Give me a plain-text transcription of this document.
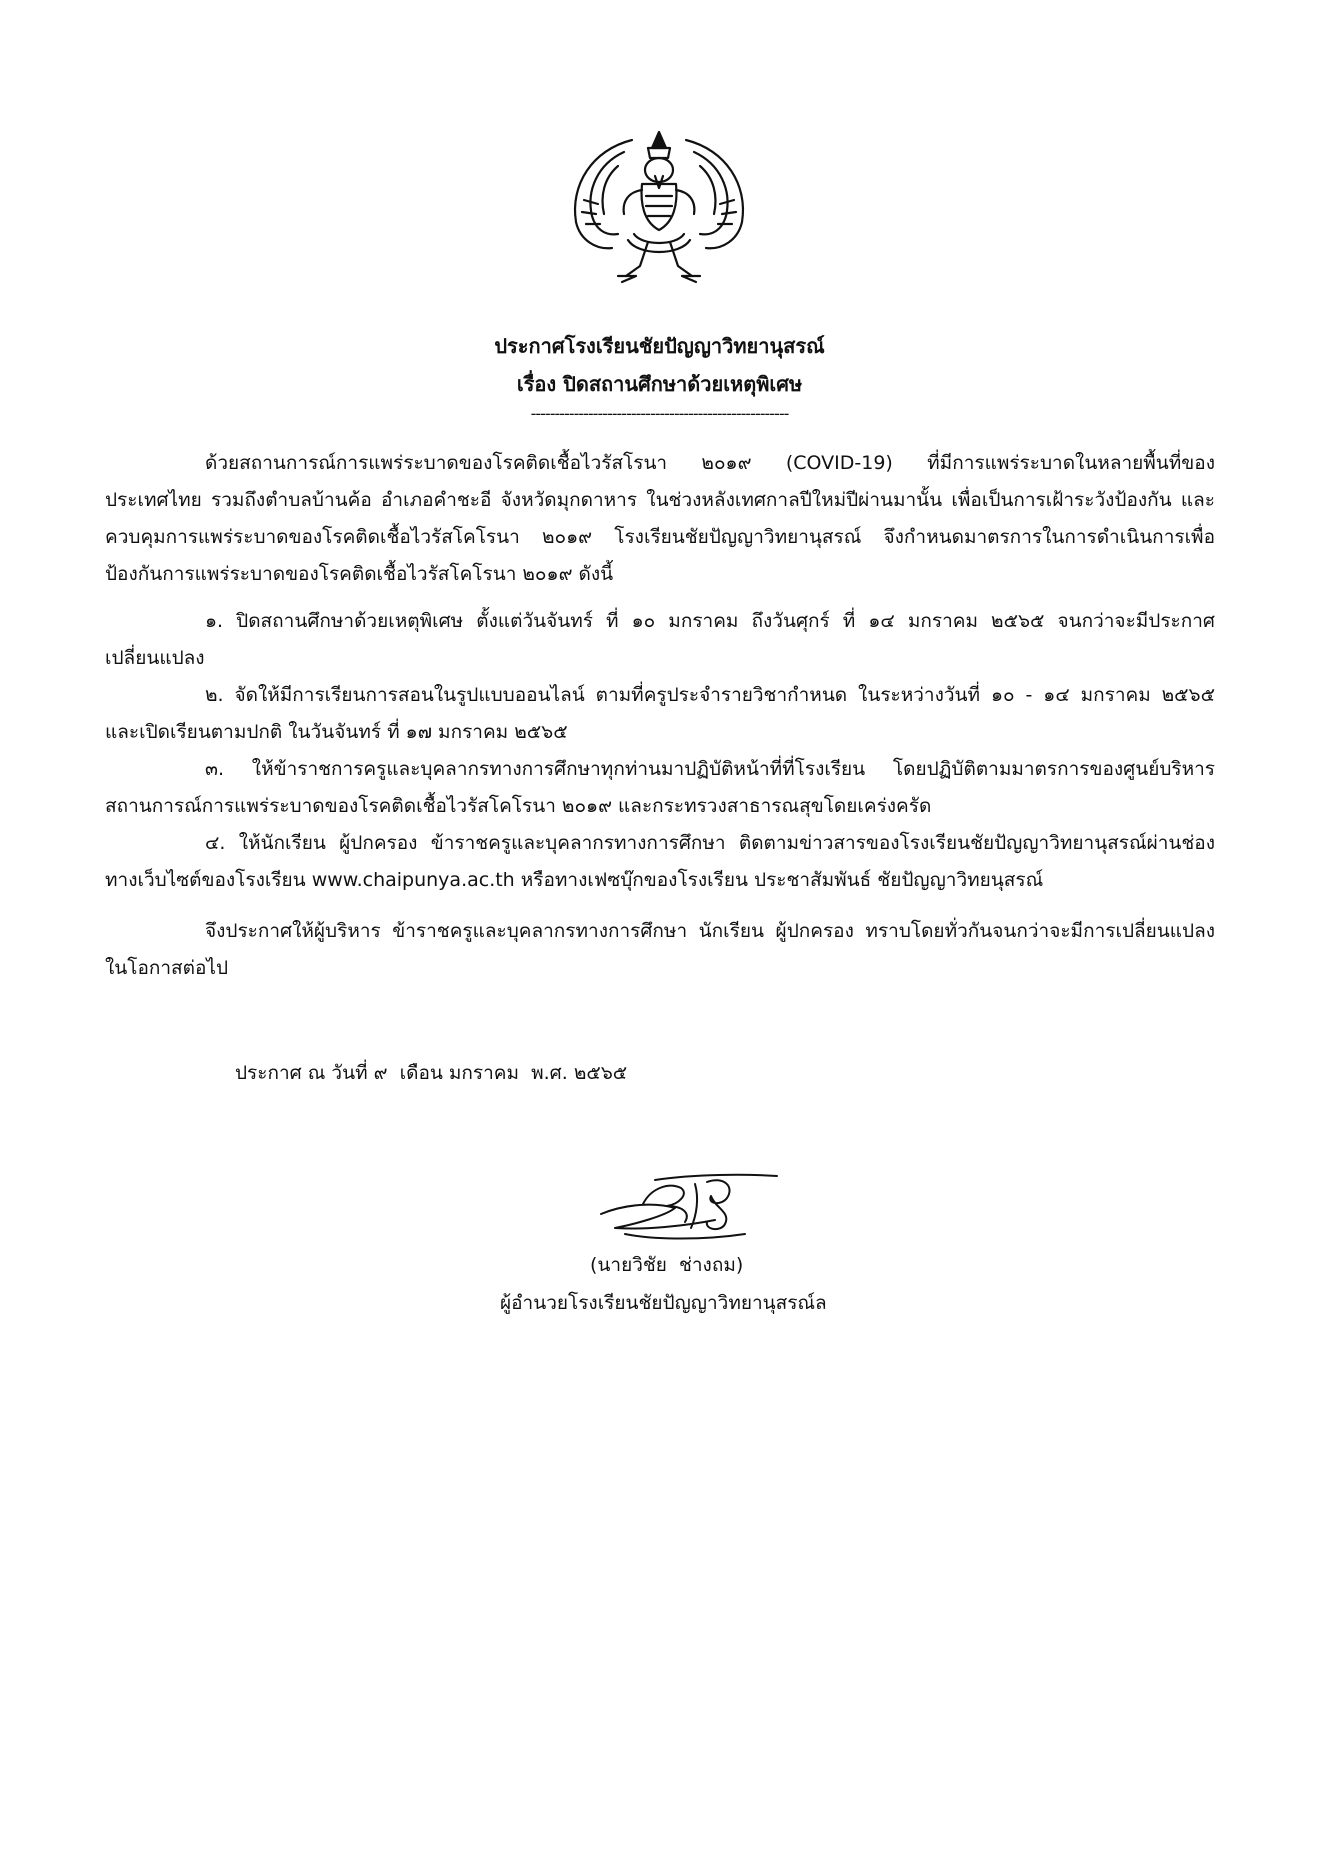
ประกาศโรงเรียนชัยปัญญาวิทยานุสรณ์
เรื่อง ปิดสถานศึกษาด้วยเหตุพิเศษ
------------------------------------------------------

ด้วยสถานการณ์การแพร่ระบาดของโรคติดเชื้อไวรัสโรนา ๒๐๑๙ (COVID-19) ที่มีการแพร่ระบาดในหลายพื้นที่ของประเทศไทย รวมถึงตำบลบ้านค้อ อำเภอคำชะอี จังหวัดมุกดาหาร ในช่วงหลังเทศกาลปีใหม่ปีผ่านมานั้น เพื่อเป็นการเฝ้าระวังป้องกัน และควบคุมการแพร่ระบาดของโรคติดเชื้อไวรัสโคโรนา ๒๐๑๙ โรงเรียนชัยปัญญาวิทยานุสรณ์ จึงกำหนดมาตรการในการดำเนินการเพื่อป้องกันการแพร่ระบาดของโรคติดเชื้อไวรัสโคโรนา ๒๐๑๙ ดังนี้

๑. ปิดสถานศึกษาด้วยเหตุพิเศษ ตั้งแต่วันจันทร์ ที่ ๑๐ มกราคม ถึงวันศุกร์ ที่ ๑๔ มกราคม ๒๕๖๕ จนกว่าจะมีประกาศเปลี่ยนแปลง

๒. จัดให้มีการเรียนการสอนในรูปแบบออนไลน์ ตามที่ครูประจำรายวิชากำหนด ในระหว่างวันที่ ๑๐ - ๑๔ มกราคม ๒๕๖๕ และเปิดเรียนตามปกติ ในวันจันทร์ ที่ ๑๗ มกราคม ๒๕๖๕

๓. ให้ข้าราชการครูและบุคลากรทางการศึกษาทุกท่านมาปฏิบัติหน้าที่ที่โรงเรียน โดยปฏิบัติตามมาตรการของศูนย์บริหารสถานการณ์การแพร่ระบาดของโรคติดเชื้อไวรัสโคโรนา ๒๐๑๙ และกระทรวงสาธารณสุขโดยเคร่งครัด

๔. ให้นักเรียน ผู้ปกครอง ข้าราชครูและบุคลากรทางการศึกษา ติดตามข่าวสารของโรงเรียนชัยปัญญาวิทยานุสรณ์ผ่านช่องทางเว็บไซต์ของโรงเรียน www.chaipunya.ac.th หรือทางเฟซบุ๊กของโรงเรียน ประชาสัมพันธ์ ชัยปัญญาวิทยนุสรณ์

จึงประกาศให้ผู้บริหาร ข้าราชครูและบุคลากรทางการศึกษา นักเรียน ผู้ปกครอง ทราบโดยทั่วกันจนกว่าจะมีการเปลี่ยนแปลงในโอกาสต่อไป

ประกาศ ณ วันที่ ๙  เดือน มกราคม  พ.ศ. ๒๕๖๕
(นายวิชัย  ช่างถม)
ผู้อำนวยโรงเรียนชัยปัญญาวิทยานุสรณ์ล
